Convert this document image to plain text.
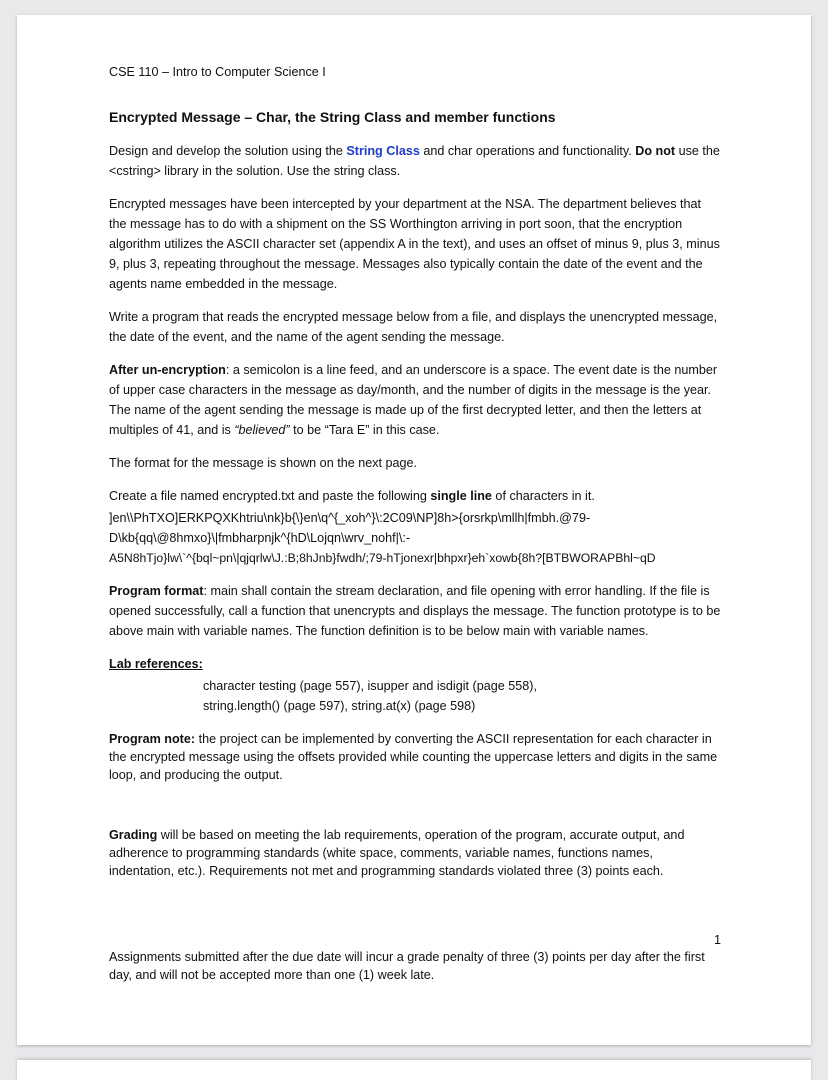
CSE 110 – Intro to Computer Science I

Encrypted Message – Char, the String Class and member functions

Design and develop the solution using the String Class and char operations and functionality. Do not use the <cstring> library in the solution. Use the string class.

Encrypted messages have been intercepted by your department at the NSA. The department believes that the message has to do with a shipment on the SS Worthington arriving in port soon, that the encryption algorithm utilizes the ASCII character set (appendix A in the text), and uses an offset of minus 9, plus 3, minus 9, plus 3, repeating throughout the message. Messages also typically contain the date of the event and the agents name embedded in the message.

Write a program that reads the encrypted message below from a file, and displays the unencrypted message, the date of the event, and the name of the agent sending the message.

After un-encryption: a semicolon is a line feed, and an underscore is a space. The event date is the number of upper case characters in the message as day/month, and the number of digits in the message is the year. The name of the agent sending the message is made up of the first decrypted letter, and then the letters at multiples of 41, and is “believed” to be “Tara E” in this case.

The format for the message is shown on the next page.

Create a file named encrypted.txt and paste the following single line of characters in it.

]en\\PhTXO]ERKPQXKhtriu\nk}b{\}en\q^{_xoh^}\:2C09\NP]8h>{orsrkp\mllh|fmbh.@79-

D\kb{qq\@8hmxo}\|fmbharpnjk^{hD\Lojqn\wrv_nohf|\:-

A5N8hTjo}lw\`^{bql~pn\|qjqrlw\J.:B;8hJnb}fwdh/;79-hTjonexr|bhpxr}eh`xowb{8h?[BTBWORAPBhl~qD

Program format: main shall contain the stream declaration, and file opening with error handling. If the file is opened successfully, call a function that unencrypts and displays the message. The function prototype is to be above main with variable names. The function definition is to be below main with variable names.

Lab references:

character testing (page 557), isupper and isdigit (page 558),

string.length() (page 597), string.at(x) (page 598)

Program note: the project can be implemented by converting the ASCII representation for each character in the encrypted message using the offsets provided while counting the uppercase letters and digits in the same loop, and producing the output.

Grading will be based on meeting the lab requirements, operation of the program, accurate output, and adherence to programming standards (white space, comments, variable names, functions names, indentation, etc.). Requirements not met and programming standards violated three (3) points each.

1

Assignments submitted after the due date will incur a grade penalty of three (3) points per day after the first day, and will not be accepted more than one (1) week late.
